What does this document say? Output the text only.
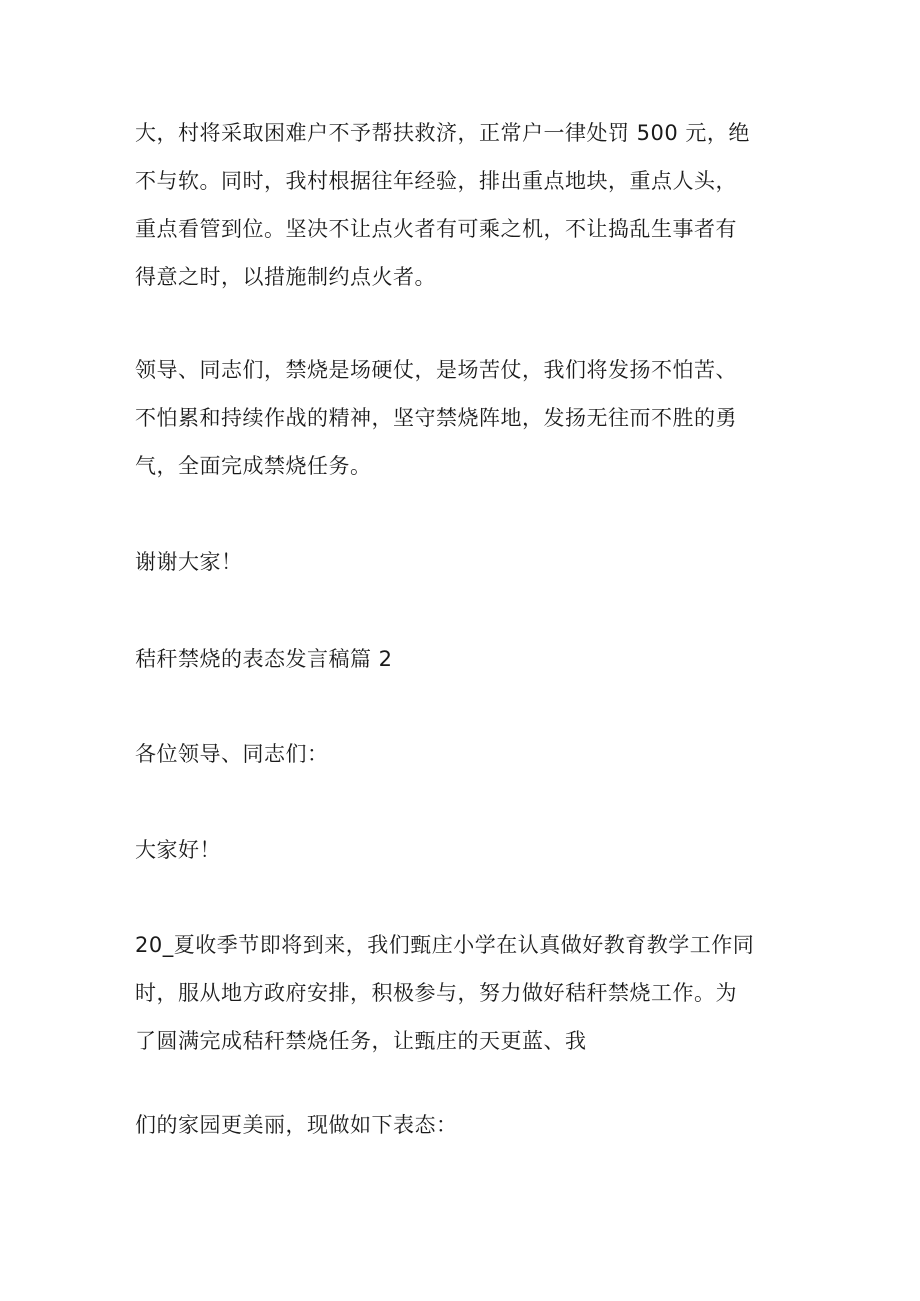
大，村将采取困难户不予帮扶救济，正常户一律处罚 500 元，绝
不与软。同时，我村根据往年经验，排出重点地块，重点人头，
重点看管到位。坚决不让点火者有可乘之机，不让捣乱生事者有
得意之时，以措施制约点火者。
领导、同志们，禁烧是场硬仗，是场苦仗，我们将发扬不怕苦、
不怕累和持续作战的精神，坚守禁烧阵地，发扬无往而不胜的勇
气，全面完成禁烧任务。
谢谢大家！
秸秆禁烧的表态发言稿篇 2
各位领导、同志们：
大家好！
20_夏收季节即将到来，我们甄庄小学在认真做好教育教学工作同
时，服从地方政府安排，积极参与，努力做好秸秆禁烧工作。为
了圆满完成秸秆禁烧任务，让甄庄的天更蓝、我
们的家园更美丽，现做如下表态：
